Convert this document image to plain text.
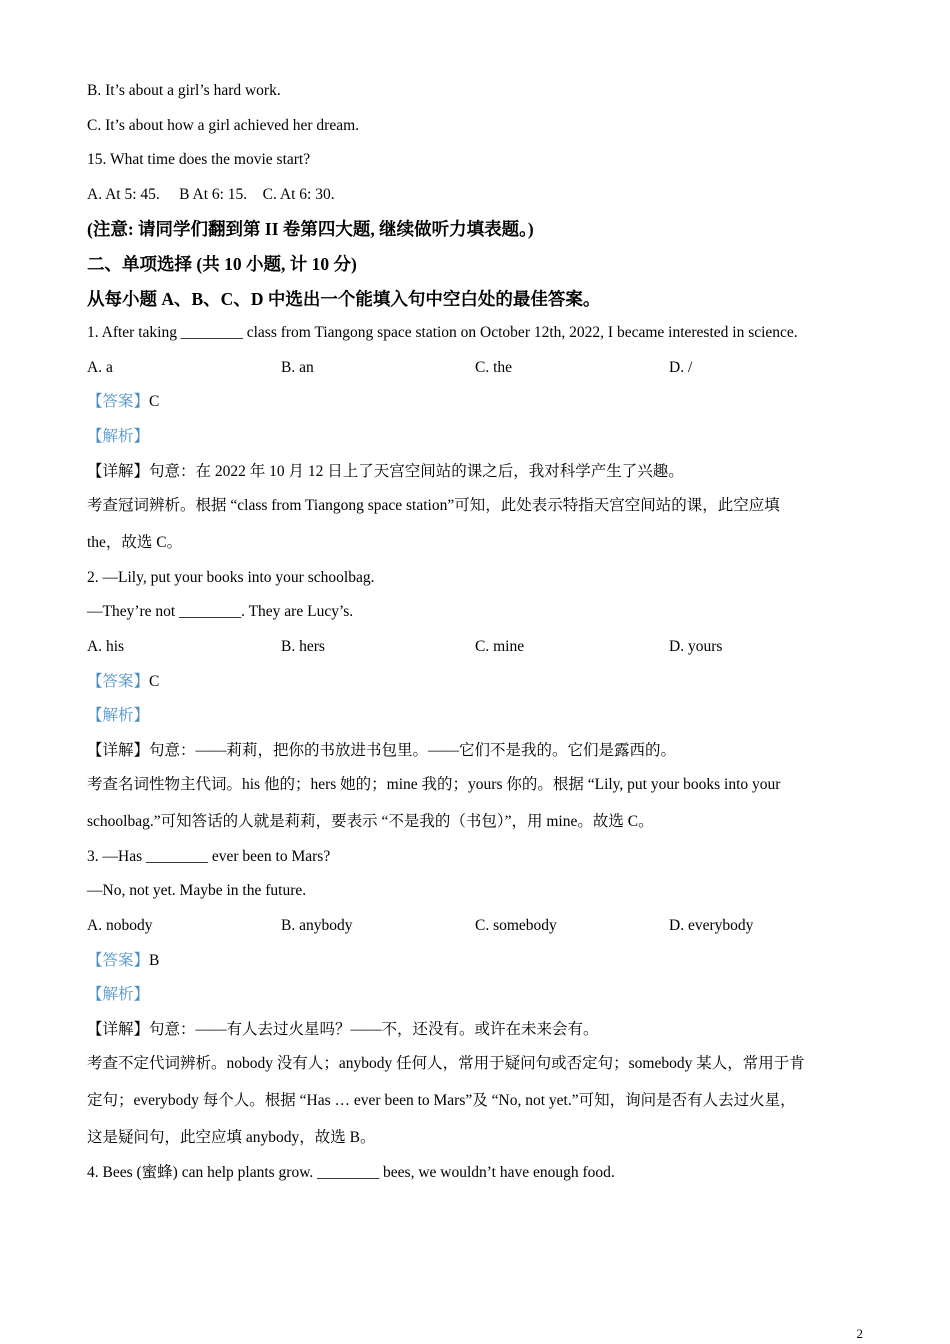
B. It’s about a girl’s hard work.
C. It’s about how a girl achieved her dream.
15. What time does the movie start?
A. At 5: 45.     B At 6: 15.    C. At 6: 30.
(注意: 请同学们翻到第 II 卷第四大题, 继续做听力填表题。)
二、单项选择 (共 10 小题, 计 10 分)
从每小题 A、B、C、D 中选出一个能填入句中空白处的最佳答案。
1. After taking ________ class from Tiangong space station on October 12th, 2022, I became interested in science.
A. a	B. an	C. the	D. /
【答案】C
【解析】
【详解】句意：在 2022 年 10 月 12 日上了天宫空间站的课之后，我对科学产生了兴趣。
考查冠词辨析。根据 “class from Tiangong space station”可知，此处表示特指天宫空间站的课，此空应填
the，故选 C。
2. —Lily, put your books into your schoolbag.
—They’re not ________. They are Lucy’s.
A. his	B. hers	C. mine	D. yours
【答案】C
【解析】
【详解】句意：——莉莉，把你的书放进书包里。——它们不是我的。它们是露西的。
考查名词性物主代词。his 他的；hers 她的；mine 我的；yours 你的。根据 “Lily, put your books into your
schoolbag.”可知答话的人就是莉莉，要表示 “不是我的（书包）”，用 mine。故选 C。
3. —Has ________ ever been to Mars?
—No, not yet. Maybe in the future.
A. nobody	B. anybody	C. somebody	D. everybody
【答案】B
【解析】
【详解】句意：——有人去过火星吗？——不，还没有。或许在未来会有。
考查不定代词辨析。nobody 没有人；anybody 任何人，常用于疑问句或否定句；somebody 某人，常用于肯
定句；everybody 每个人。根据 “Has … ever been to Mars”及 “No, not yet.”可知，询问是否有人去过火星，
这是疑问句，此空应填 anybody，故选 B。
4. Bees (蜜蜂) can help plants grow. ________ bees, we wouldn’t have enough food.
2
